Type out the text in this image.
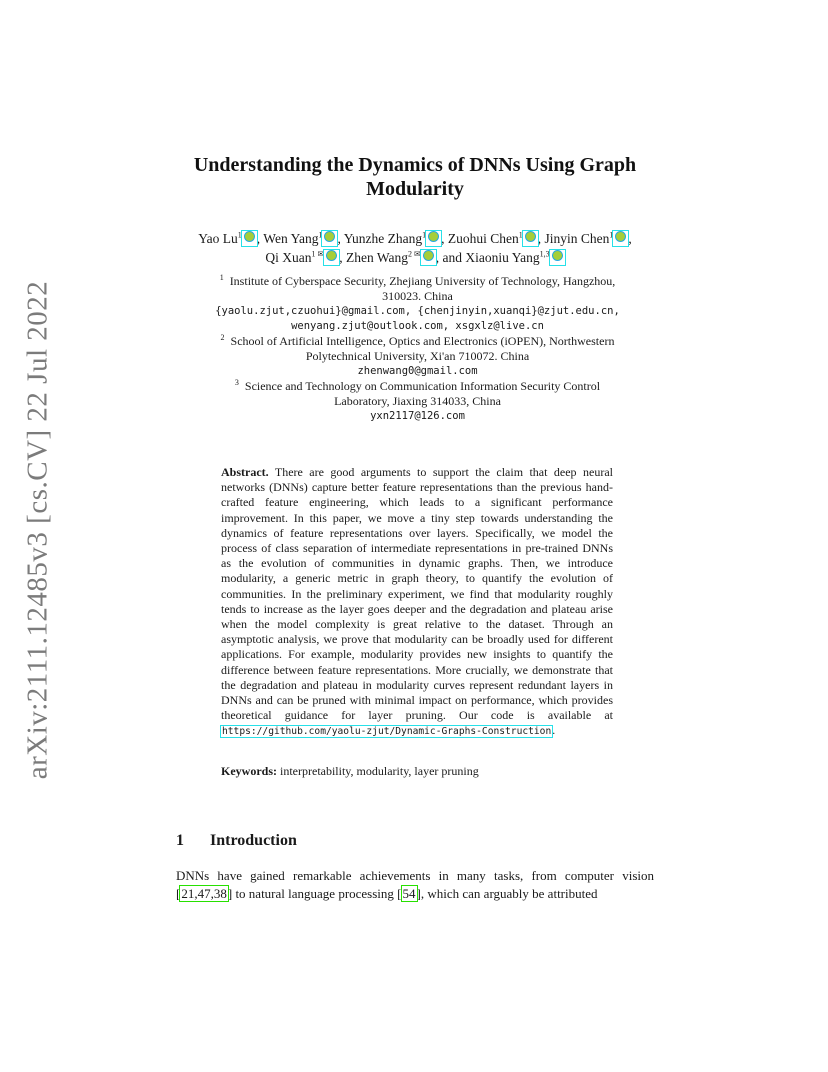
arXiv:2111.12485v3 [cs.CV] 22 Jul 2022
Understanding the Dynamics of DNNs Using Graph Modularity
Yao Lu$^1$ , Wen Yang$^1$ , Yunzhe Zhang$^1$ , Zuohui Chen$^1$ , Jinyin Chen$^1$ ,
Qi Xuan$^{1 ✉}$ , Zhen Wang$^{2 ✉}$ , and Xiaoniu Yang$^{1,3}$
$^1$ Institute of Cyberspace Security, Zhejiang University of Technology, Hangzhou,
310023. China
{yaolu.zjut,czuohui}@gmail.com, {chenjinyin,xuanqi}@zjut.edu.cn,
wenyang.zjut@outlook.com, xsgxlz@live.cn
$^2$ School of Artificial Intelligence, Optics and Electronics (iOPEN), Northwestern
Polytechnical University, Xi'an 710072. China
zhenwang0@gmail.com
$^3$ Science and Technology on Communication Information Security Control
Laboratory, Jiaxing 314033, China
yxn2117@126.com
Abstract. There are good arguments to support the claim that deep neural networks (DNNs) capture better feature representations than the previous hand-crafted feature engineering, which leads to a significant performance improvement. In this paper, we move a tiny step towards understanding the dynamics of feature representations over layers. Specifically, we model the process of class separation of intermediate representations in pre-trained DNNs as the evolution of communities in dynamic graphs. Then, we introduce modularity, a generic metric in graph theory, to quantify the evolution of communities. In the preliminary experiment, we find that modularity roughly tends to increase as the layer goes deeper and the degradation and plateau arise when the model complexity is great relative to the dataset. Through an asymptotic analysis, we prove that modularity can be broadly used for different applications. For example, modularity provides new insights to quantify the difference between feature representations. More crucially, we demonstrate that the degradation and plateau in modularity curves represent redundant layers in DNNs and can be pruned with minimal impact on performance, which provides theoretical guidance for layer pruning. Our code is available at https://github.com/yaolu-zjut/Dynamic-Graphs-Construction.
Keywords: interpretability, modularity, layer pruning
1 Introduction
DNNs have gained remarkable achievements in many tasks, from computer vision [21,47,38] to natural language processing [54], which can arguably be attributed
